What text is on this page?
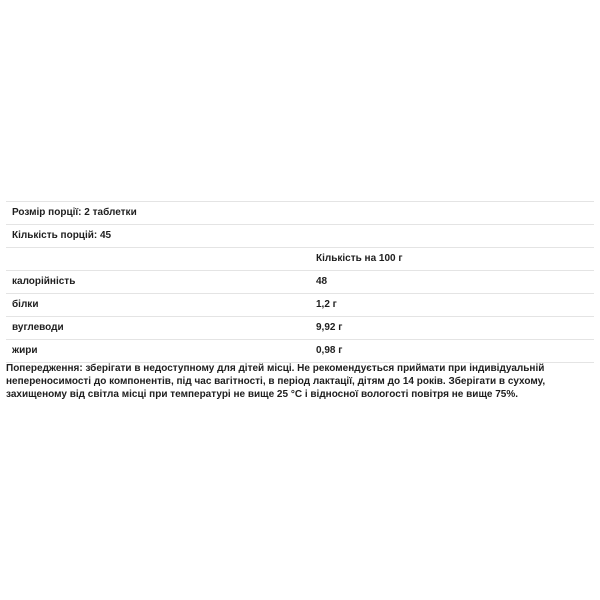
Розмір порції: 2 таблетки	
Кількість порцій: 45	
	Кількість на 100 г
калорійність	48
білки	1,2 г
вуглеводи	9,92 г
жири	0,98 г

Попередження: зберігати в недоступному для дітей місці. Не рекомендується приймати при індивідуальній непереносимості до компонентів, під час вагітності, в період лактації, дітям до 14 років. Зберігати в сухому, захищеному від світла місці при температурі не вище 25 °С і відносної вологості повітря не вище 75%.
